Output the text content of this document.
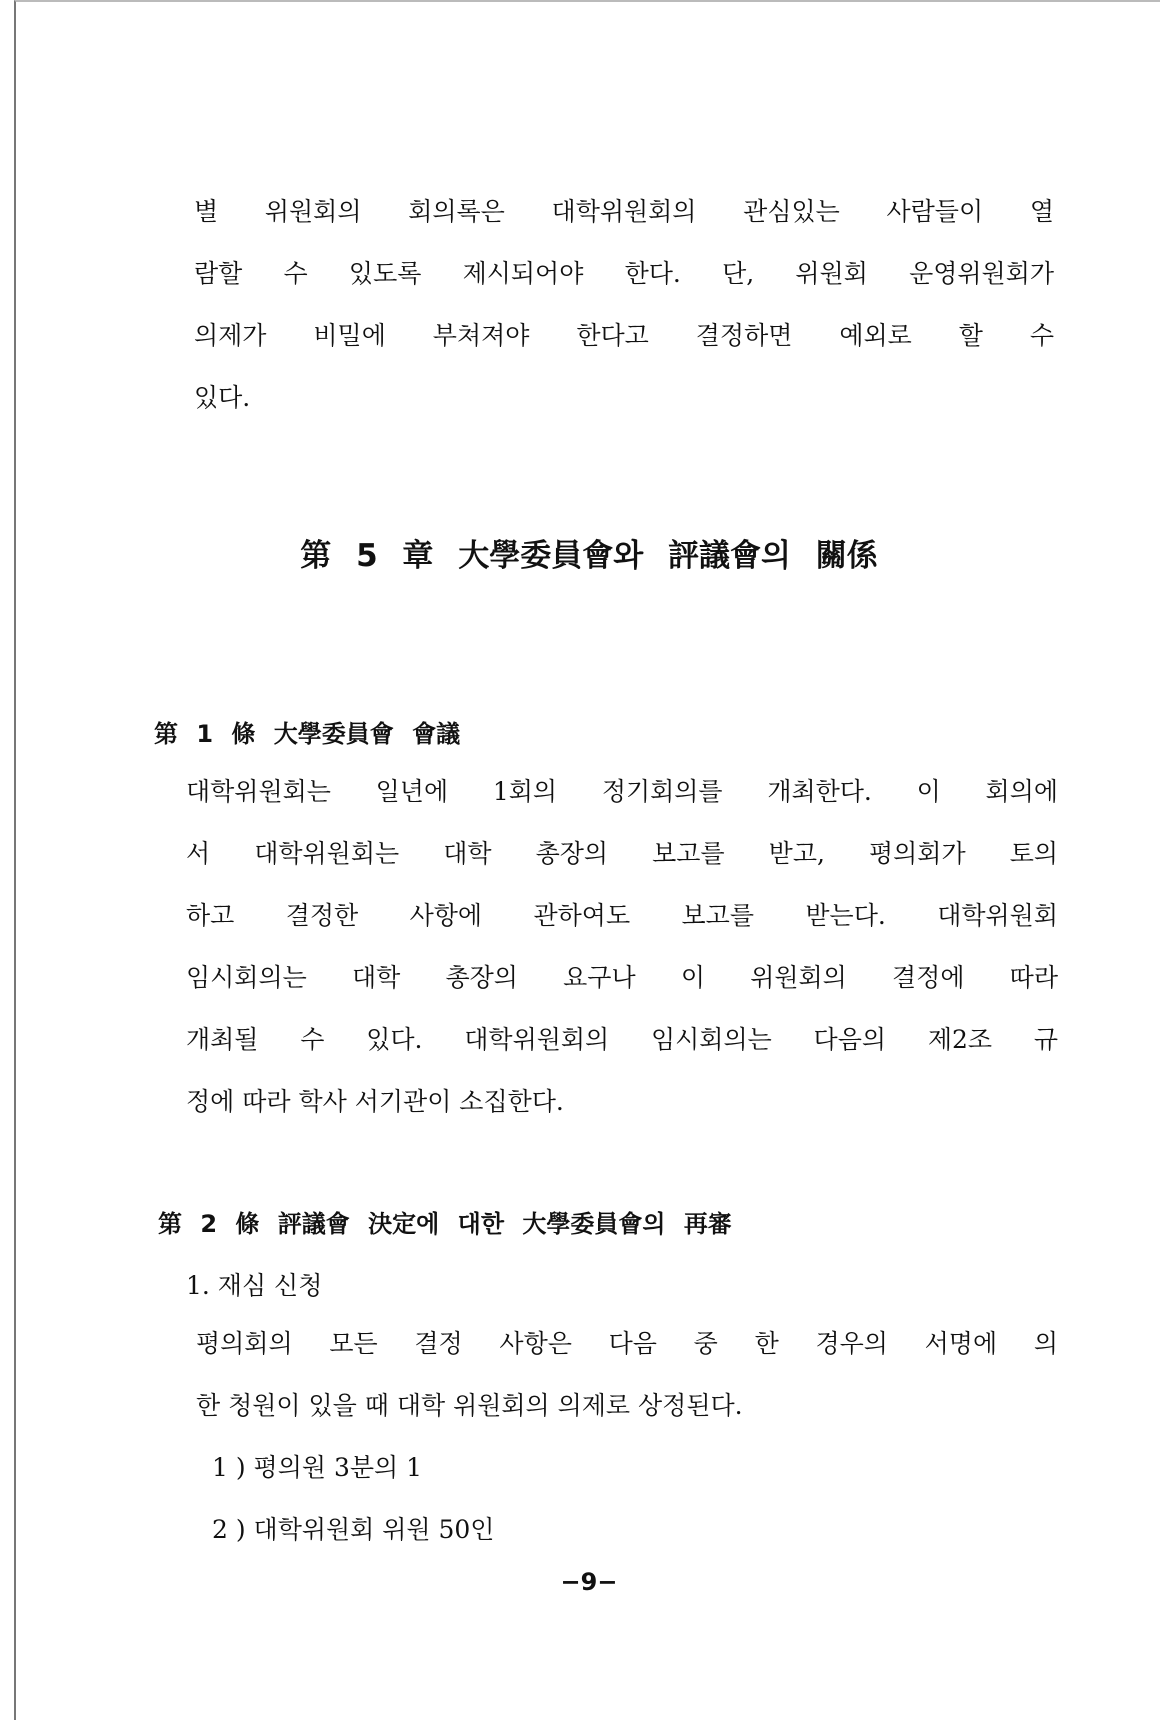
별 위원회의 회의록은 대학위원회의 관심있는 사람들이 열
람할 수 있도록 제시되어야 한다. 단, 위원회 운영위원회가
의제가 비밀에 부쳐져야 한다고 결정하면 예외로 할 수
있다.
第 5 章 大學委員會와 評議會의 關係
第 1 條 大學委員會 會議
대학위원회는 일년에 1회의 정기회의를 개최한다. 이 회의에
서 대학위원회는 대학 총장의 보고를 받고, 평의회가 토의
하고 결정한 사항에 관하여도 보고를 받는다. 대학위원회
임시회의는 대학 총장의 요구나 이 위원회의 결정에 따라
개최될 수 있다. 대학위원회의 임시회의는 다음의 제2조 규
정에 따라 학사 서기관이 소집한다.
第 2 條 評議會 決定에 대한 大學委員會의 再審
1. 재심 신청
평의회의 모든 결정 사항은 다음 중 한 경우의 서명에 의
한 청원이 있을 때 대학 위원회의 의제로 상정된다.
1 ) 평의원 3분의 1
2 ) 대학위원회 위원 50인
−9−
